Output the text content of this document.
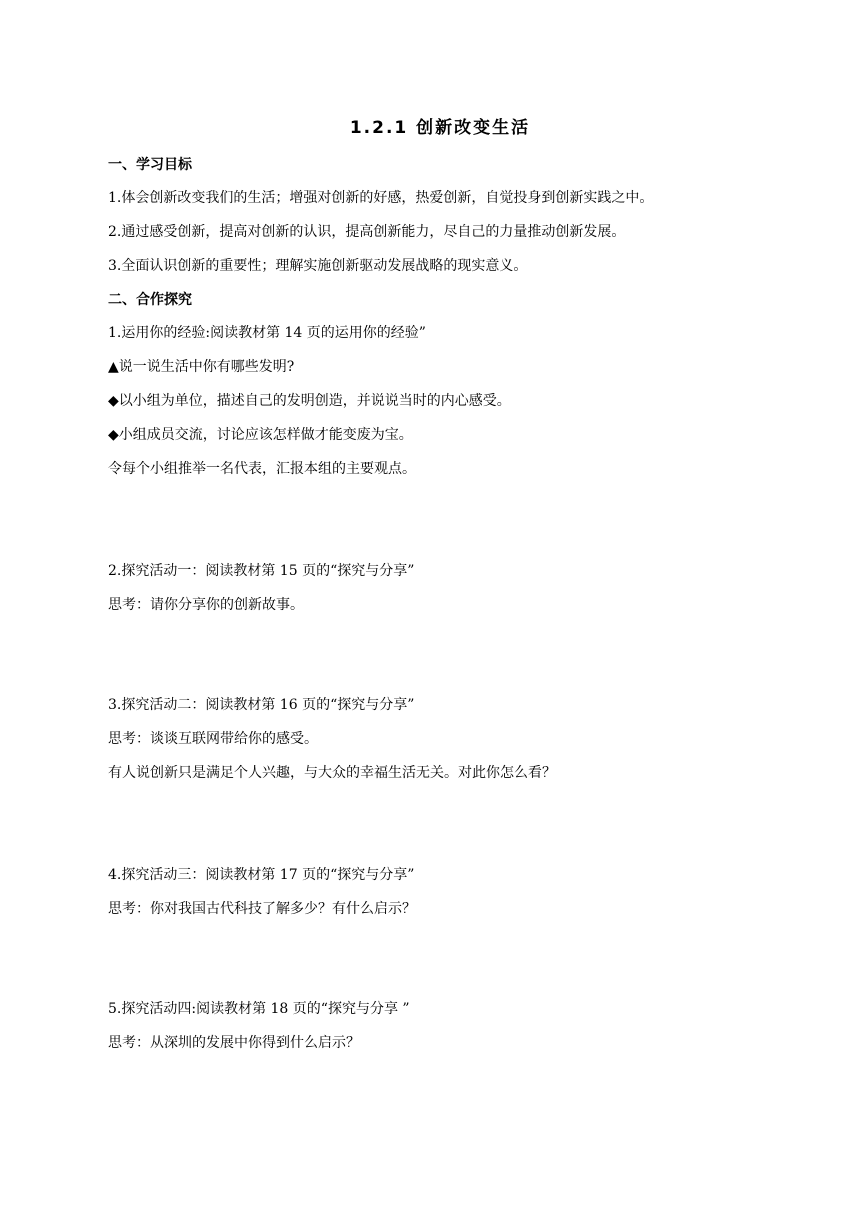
1.2.1 创新改变生活
一、学习目标
1.体会创新改变我们的生活；增强对创新的好感，热爱创新，自觉投身到创新实践之中。
2.通过感受创新，提高对创新的认识，提高创新能力，尽自己的力量推动创新发展。
3.全面认识创新的重要性；理解实施创新驱动发展战略的现实意义。
二、合作探究
1.运用你的经验:阅读教材第 14 页的运用你的经验”
▲说一说生活中你有哪些发明?
◆以小组为单位，描述自己的发明创造，并说说当时的内心感受。
◆小组成员交流，讨论应该怎样做才能变废为宝。
令每个小组推举一名代表，汇报本组的主要观点。
2.探究活动一：阅读教材第 15 页的“探究与分享”
思考：请你分享你的创新故事。
3.探究活动二：阅读教材第 16 页的“探究与分享”
思考：谈谈互联网带给你的感受。
有人说创新只是满足个人兴趣，与大众的幸福生活无关。对此你怎么看？
4.探究活动三：阅读教材第 17 页的“探究与分享”
思考：你对我国古代科技了解多少？有什么启示？
5.探究活动四:阅读教材第 18 页的“探究与分享 ”
思考：从深圳的发展中你得到什么启示？
